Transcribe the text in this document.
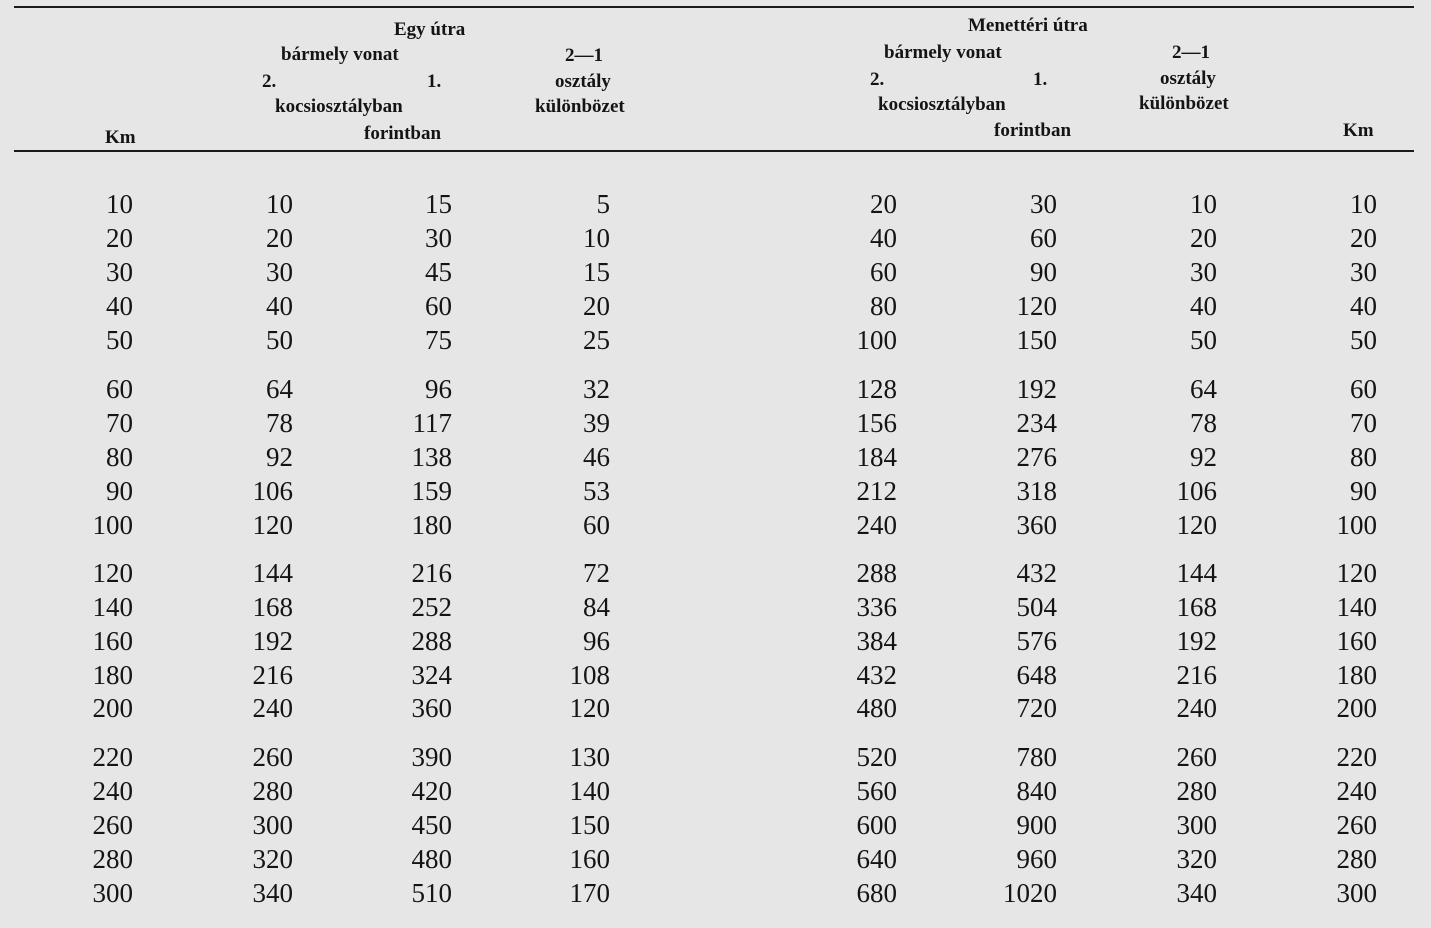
Egy útra
bármely vonat
2.	1.
kocsiosztályban
forintban
2—1
osztály
különbözet
Km
Menettéri útra
bármely vonat
2.	1.
kocsiosztályban
forintban
2—1
osztály
különbözet
Km
10	10	15	5	20	30	10	10
20	20	30	10	40	60	20	20
30	30	45	15	60	90	30	30
40	40	60	20	80	120	40	40
50	50	75	25	100	150	50	50
60	64	96	32	128	192	64	60
70	78	117	39	156	234	78	70
80	92	138	46	184	276	92	80
90	106	159	53	212	318	106	90
100	120	180	60	240	360	120	100
120	144	216	72	288	432	144	120
140	168	252	84	336	504	168	140
160	192	288	96	384	576	192	160
180	216	324	108	432	648	216	180
200	240	360	120	480	720	240	200
220	260	390	130	520	780	260	220
240	280	420	140	560	840	280	240
260	300	450	150	600	900	300	260
280	320	480	160	640	960	320	280
300	340	510	170	680	1020	340	300
